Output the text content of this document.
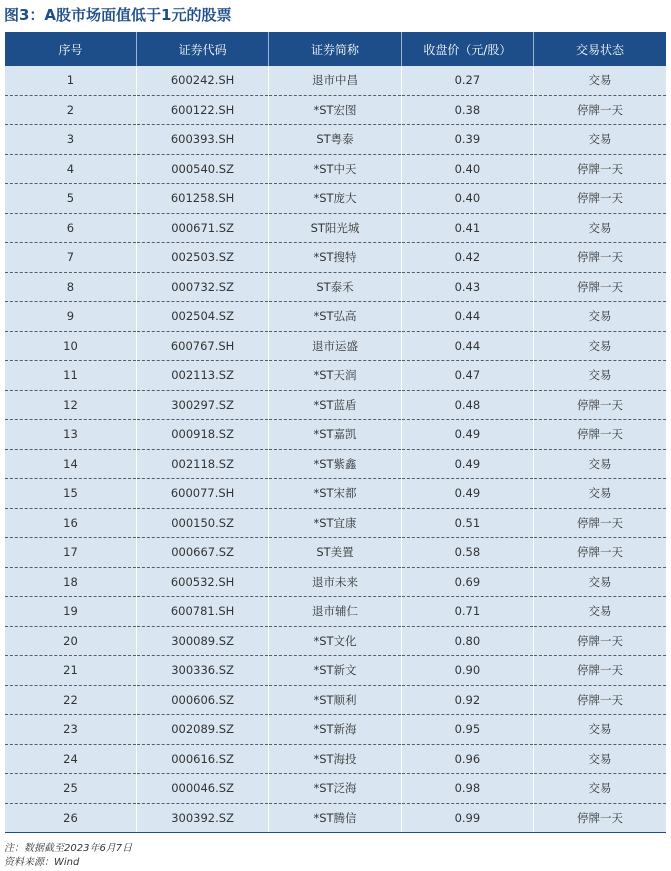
图3：A股市场面值低于1元的股票
序号	证券代码	证券简称	收盘价（元/股）	交易状态
1	600242.SH	退市中昌	0.27	交易
2	600122.SH	*ST宏图	0.38	停牌一天
3	600393.SH	ST粤泰	0.39	交易
4	000540.SZ	*ST中天	0.40	停牌一天
5	601258.SH	*ST庞大	0.40	停牌一天
6	000671.SZ	ST阳光城	0.41	交易
7	002503.SZ	*ST搜特	0.42	停牌一天
8	000732.SZ	ST泰禾	0.43	停牌一天
9	002504.SZ	*ST弘高	0.44	交易
10	600767.SH	退市运盛	0.44	交易
11	002113.SZ	*ST天润	0.47	交易
12	300297.SZ	*ST蓝盾	0.48	停牌一天
13	000918.SZ	*ST嘉凯	0.49	停牌一天
14	002118.SZ	*ST紫鑫	0.49	交易
15	600077.SH	*ST宋都	0.49	交易
16	000150.SZ	*ST宜康	0.51	停牌一天
17	000667.SZ	ST美置	0.58	停牌一天
18	600532.SH	退市未来	0.69	交易
19	600781.SH	退市辅仁	0.71	交易
20	300089.SZ	*ST文化	0.80	停牌一天
21	300336.SZ	*ST新文	0.90	停牌一天
22	000606.SZ	*ST顺利	0.92	停牌一天
23	002089.SZ	*ST新海	0.95	交易
24	000616.SZ	*ST海投	0.96	交易
25	000046.SZ	*ST泛海	0.98	交易
26	300392.SZ	*ST腾信	0.99	停牌一天
注：数据截至2023年6月7日
资料来源：Wind
